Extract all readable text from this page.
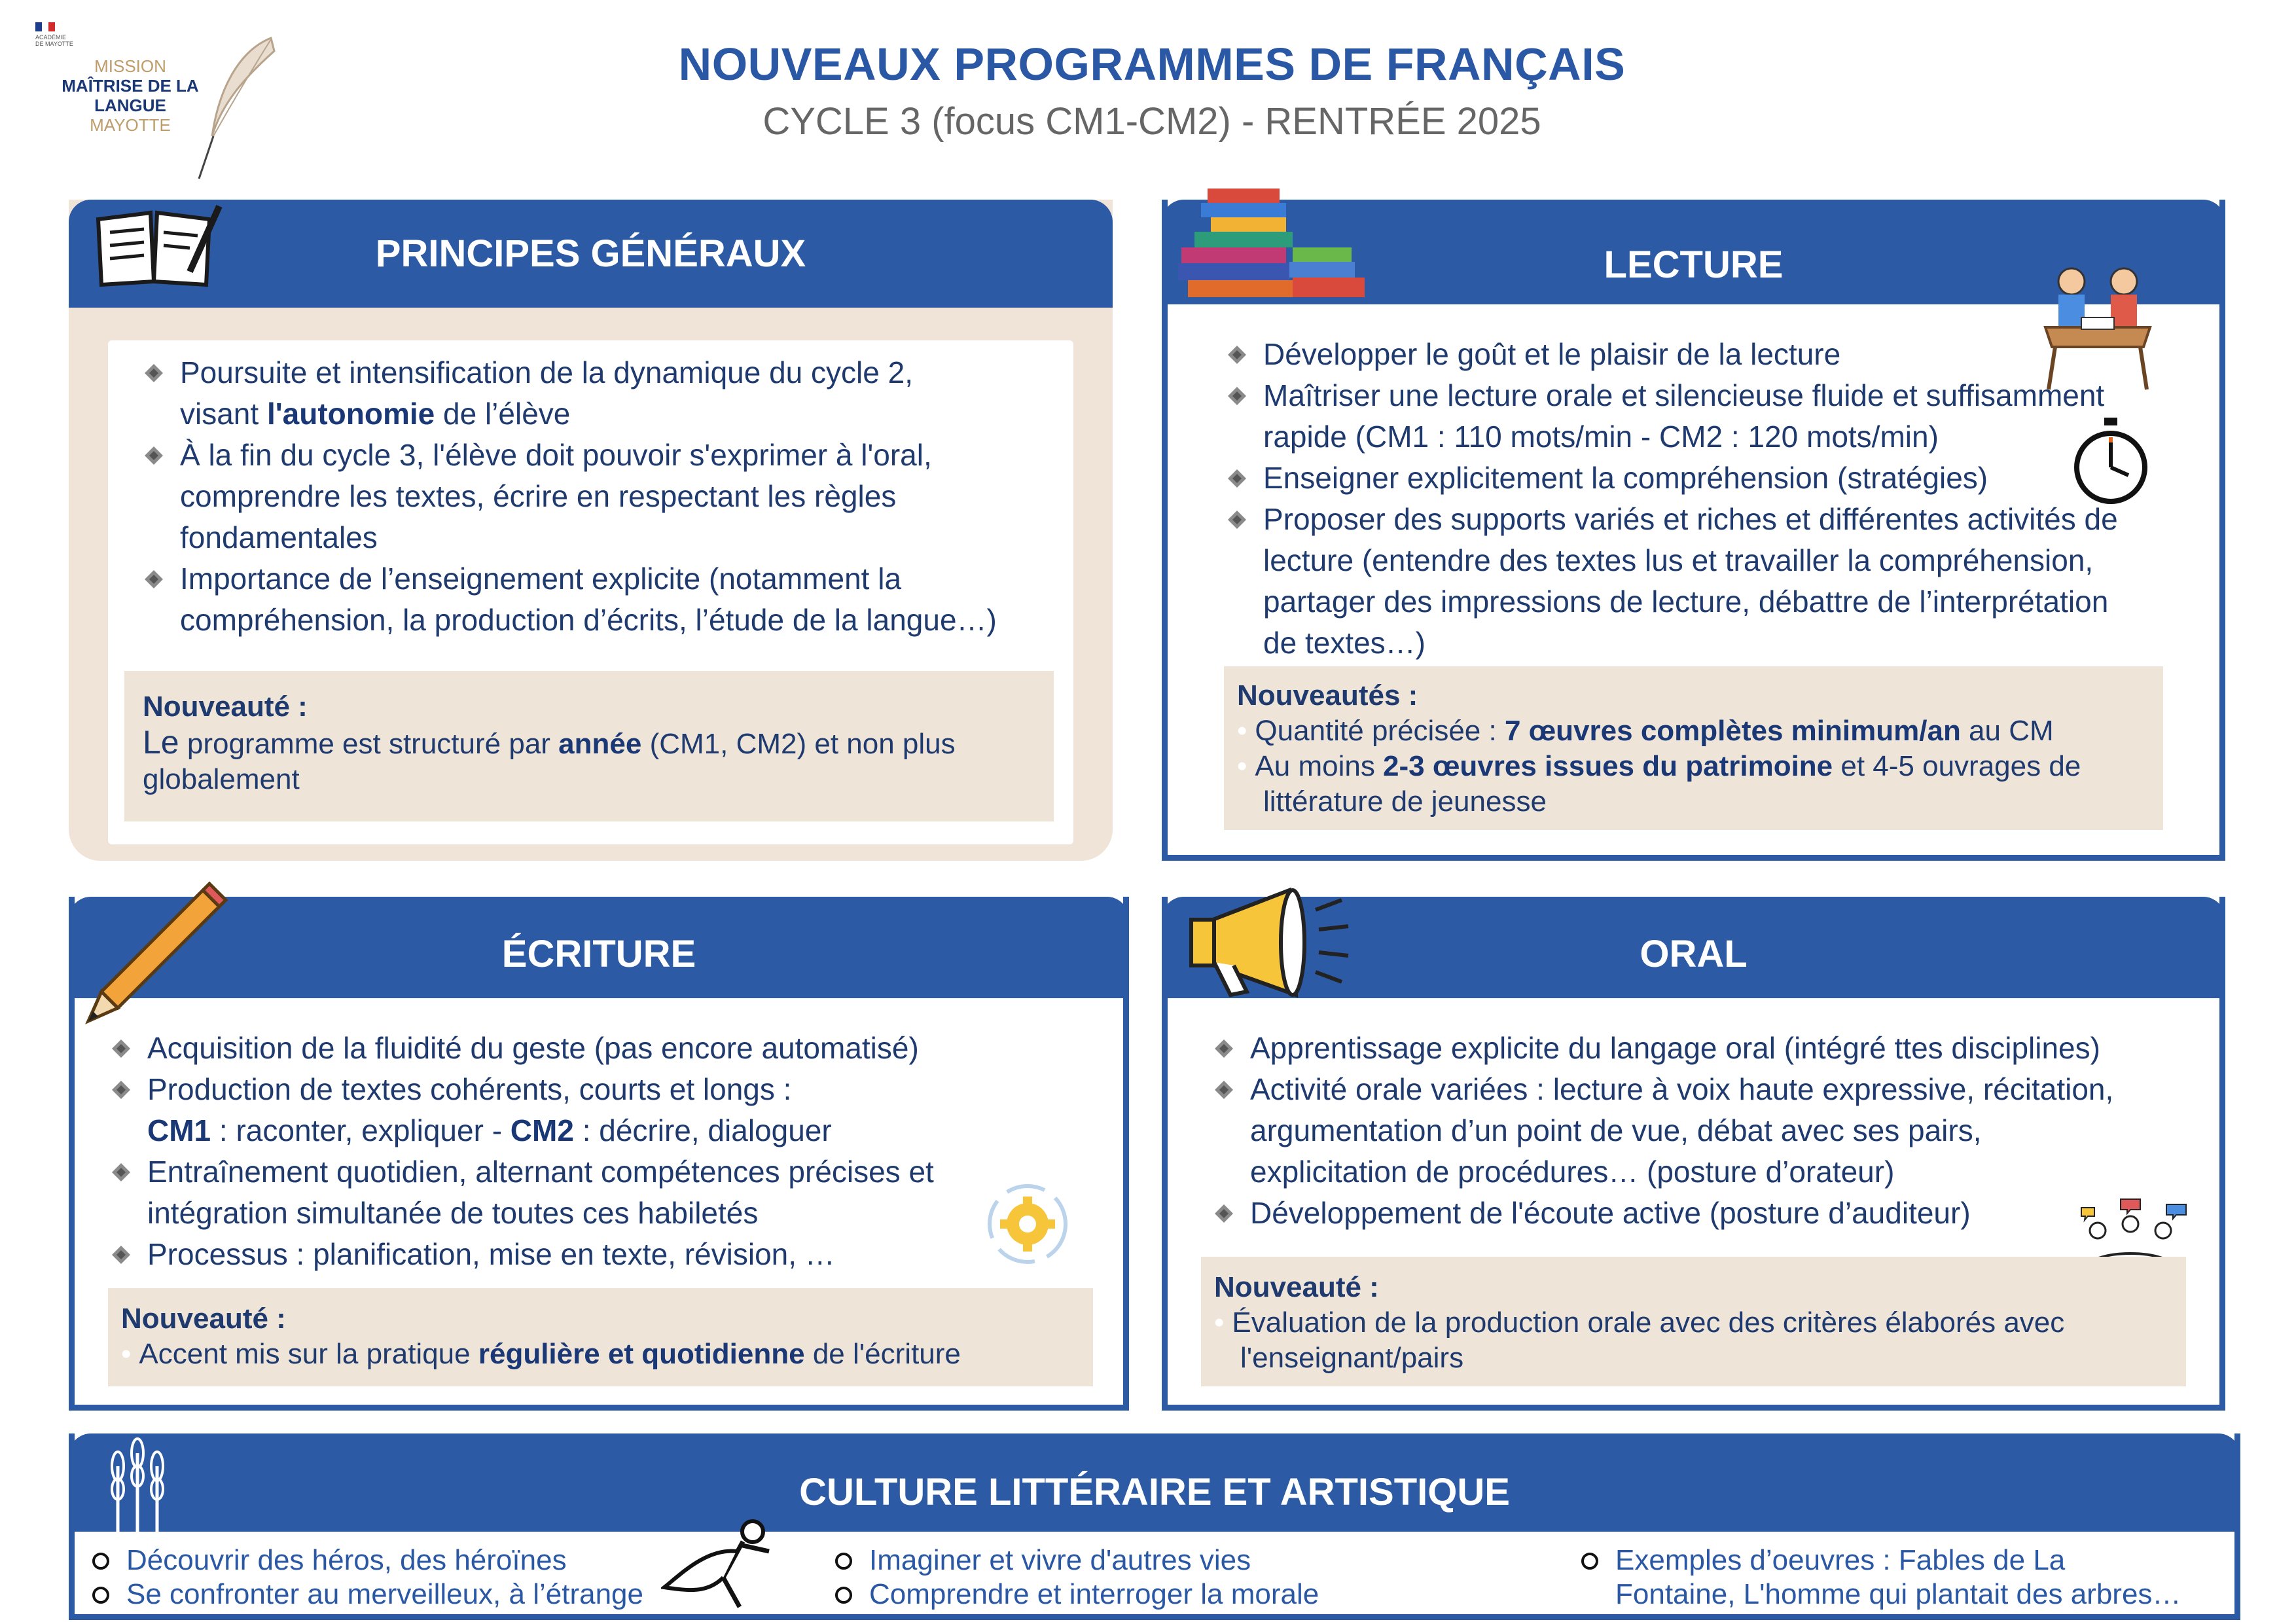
ACADÉMIE
DE MAYOTTE
MISSION
MAÎTRISE DE LA
LANGUE
MAYOTTE
NOUVEAUX PROGRAMMES DE FRANÇAIS
CYCLE 3 (focus CM1-CM2) - RENTRÉE 2025
PRINCIPES GÉNÉRAUX
Poursuite et intensification de la dynamique du cycle 2,
visant l'autonomie de l’élève
À la fin du cycle 3, l'élève doit pouvoir s'exprimer à l'oral,
comprendre les textes, écrire en respectant les règles
fondamentales
Importance de l’enseignement explicite (notamment la
compréhension, la production d’écrits, l’étude de la langue…)
Nouveauté :
Le programme est structuré par année (CM1, CM2) et non plus
globalement
LECTURE
Développer le goût et le plaisir de la lecture
Maîtriser une lecture orale et silencieuse fluide et suffisamment
rapide (CM1 : 110 mots/min - CM2 : 120 mots/min)
Enseigner explicitement la compréhension (stratégies)
Proposer des supports variés et riches et différentes activités de
lecture (entendre des textes lus et travailler la compréhension,
partager des impressions de lecture, débattre de l’interprétation
de textes…)
Nouveautés :
• Quantité précisée : 7 œuvres complètes minimum/an au CM
• Au moins 2-3 œuvres issues du patrimoine et 4-5 ouvrages de
littérature de jeunesse
ÉCRITURE
Acquisition de la fluidité du geste (pas encore automatisé)
Production de textes cohérents, courts et longs :
CM1 : raconter, expliquer - CM2 : décrire, dialoguer
Entraînement quotidien, alternant compétences précises et
intégration simultanée de toutes ces habiletés
Processus : planification, mise en texte, révision, …
Nouveauté :
• Accent mis sur la pratique régulière et quotidienne de l'écriture
ORAL
Apprentissage explicite du langage oral (intégré ttes disciplines)
Activité orale variées : lecture à voix haute expressive, récitation,
argumentation d’un point de vue, débat avec ses pairs,
explicitation de procédures… (posture d’orateur)
Développement de l'écoute active (posture d’auditeur)
Nouveauté :
• Évaluation de la production orale avec des critères élaborés avec
l'enseignant/pairs
CULTURE LITTÉRAIRE ET ARTISTIQUE
Découvrir des héros, des héroïnes
Se confronter au merveilleux, à l’étrange
Imaginer et vivre d'autres vies
Comprendre et interroger la morale
Exemples d’oeuvres : Fables de La
Fontaine, L'homme qui plantait des arbres…
